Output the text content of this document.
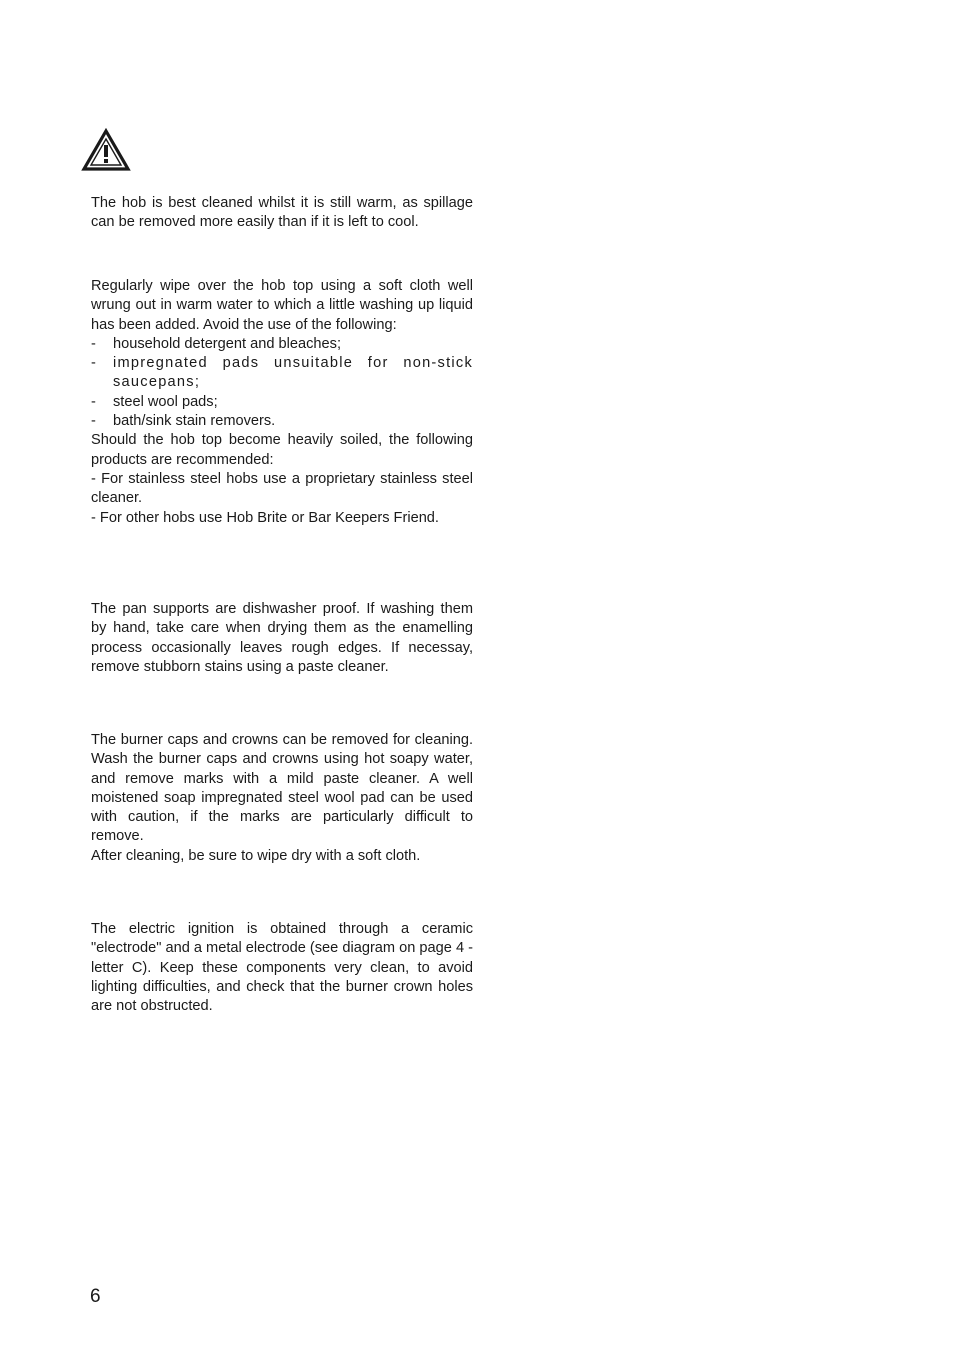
The hob is best cleaned whilst it is still warm, as spillage can be removed more easily than if it is left to cool.

Regularly wipe over the hob top using a soft cloth well wrung out in warm water to which a little washing up liquid has been added. Avoid the use of the following:

- household detergent and bleaches;
- impregnated pads unsuitable for non-stick saucepans;
- steel wool pads;
- bath/sink stain removers.

Should the hob top become heavily soiled, the following products are recommended:

- For stainless steel hobs use a proprietary stainless steel cleaner.

- For other hobs use Hob Brite or Bar Keepers Friend.

The pan supports are dishwasher proof. If washing them by hand, take care when drying them as the enamelling process occasionally leaves rough edges. If necessay, remove stubborn stains using a paste cleaner.

The burner caps and crowns can be removed for cleaning. Wash the burner caps and crowns using hot soapy water, and remove marks with a mild paste cleaner. A well moistened soap impregnated steel wool pad can be used with caution, if the marks are particularly difficult to remove.

After cleaning, be sure to wipe dry with a soft cloth.

The electric ignition is obtained through a ceramic "electrode" and a metal electrode (see diagram on page 4 - letter C). Keep these components very clean, to avoid lighting difficulties, and check that the burner crown holes are not obstructed.

6
